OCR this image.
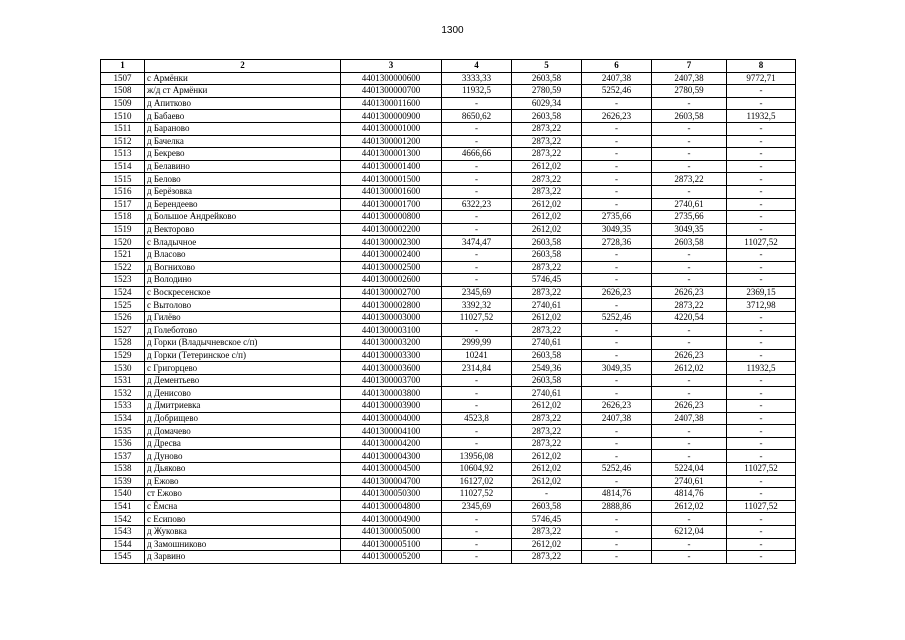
1300
1	2	3	4	5	6	7	8
1507	с Армёнки	4401300000600	3333,33	2603,58	2407,38	2407,38	9772,71
1508	ж/д ст Армёнки	4401300000700	11932,5	2780,59	5252,46	2780,59	-
1509	д Апитково	4401300011600	-	6029,34	-	-	-
1510	д Бабаево	4401300000900	8650,62	2603,58	2626,23	2603,58	11932,5
1511	д Бараново	4401300001000	-	2873,22	-	-	-
1512	д Бачелка	4401300001200	-	2873,22	-	-	-
1513	д Бекрево	4401300001300	4666,66	2873,22	-	-	-
1514	д Белавино	4401300001400	-	2612,02	-	-	-
1515	д Белово	4401300001500	-	2873,22	-	2873,22	-
1516	д Берёзовка	4401300001600	-	2873,22	-	-	-
1517	д Берендеево	4401300001700	6322,23	2612,02	-	2740,61	-
1518	д Большое Андрейково	4401300000800	-	2612,02	2735,66	2735,66	-
1519	д Векторово	4401300002200	-	2612,02	3049,35	3049,35	-
1520	с Владычное	4401300002300	3474,47	2603,58	2728,36	2603,58	11027,52
1521	д Власово	4401300002400	-	2603,58	-	-	-
1522	д Вогнихово	4401300002500	-	2873,22	-	-	-
1523	д Володино	4401300002600	-	5746,45	-	-	-
1524	с Воскресенское	4401300002700	2345,69	2873,22	2626,23	2626,23	2369,15
1525	с Вытолово	4401300002800	3392,32	2740,61	-	2873,22	3712,98
1526	д Гилёво	4401300003000	11027,52	2612,02	5252,46	4220,54	-
1527	д Голеботово	4401300003100	-	2873,22	-	-	-
1528	д Горки (Владычневское с/п)	4401300003200	2999,99	2740,61	-	-	-
1529	д Горки (Тетеринское с/п)	4401300003300	10241	2603,58	-	2626,23	-
1530	с Григорцево	4401300003600	2314,84	2549,36	3049,35	2612,02	11932,5
1531	д Дементьево	4401300003700	-	2603,58	-	-	-
1532	д Денисово	4401300003800	-	2740,61	-	-	-
1533	д Дмитриевка	4401300003900	-	2612,02	2626,23	2626,23	-
1534	д Добрищево	4401300004000	4523,8	2873,22	2407,38	2407,38	-
1535	д Домачево	4401300004100	-	2873,22	-	-	-
1536	д Дресва	4401300004200	-	2873,22	-	-	-
1537	д Дуново	4401300004300	13956,08	2612,02	-	-	-
1538	д Дьяково	4401300004500	10604,92	2612,02	5252,46	5224,04	11027,52
1539	д Ежово	4401300004700	16127,02	2612,02	-	2740,61	-
1540	ст Ежово	4401300050300	11027,52	-	4814,76	4814,76	-
1541	с Ёмсна	4401300004800	2345,69	2603,58	2888,86	2612,02	11027,52
1542	с Есипово	4401300004900	-	5746,45	-	-	-
1543	д Жуковка	4401300005000	-	2873,22	-	6212,04	-
1544	д Замошниково	4401300005100	-	2612,02	-	-	-
1545	д Зарвино	4401300005200	-	2873,22	-	-	-
